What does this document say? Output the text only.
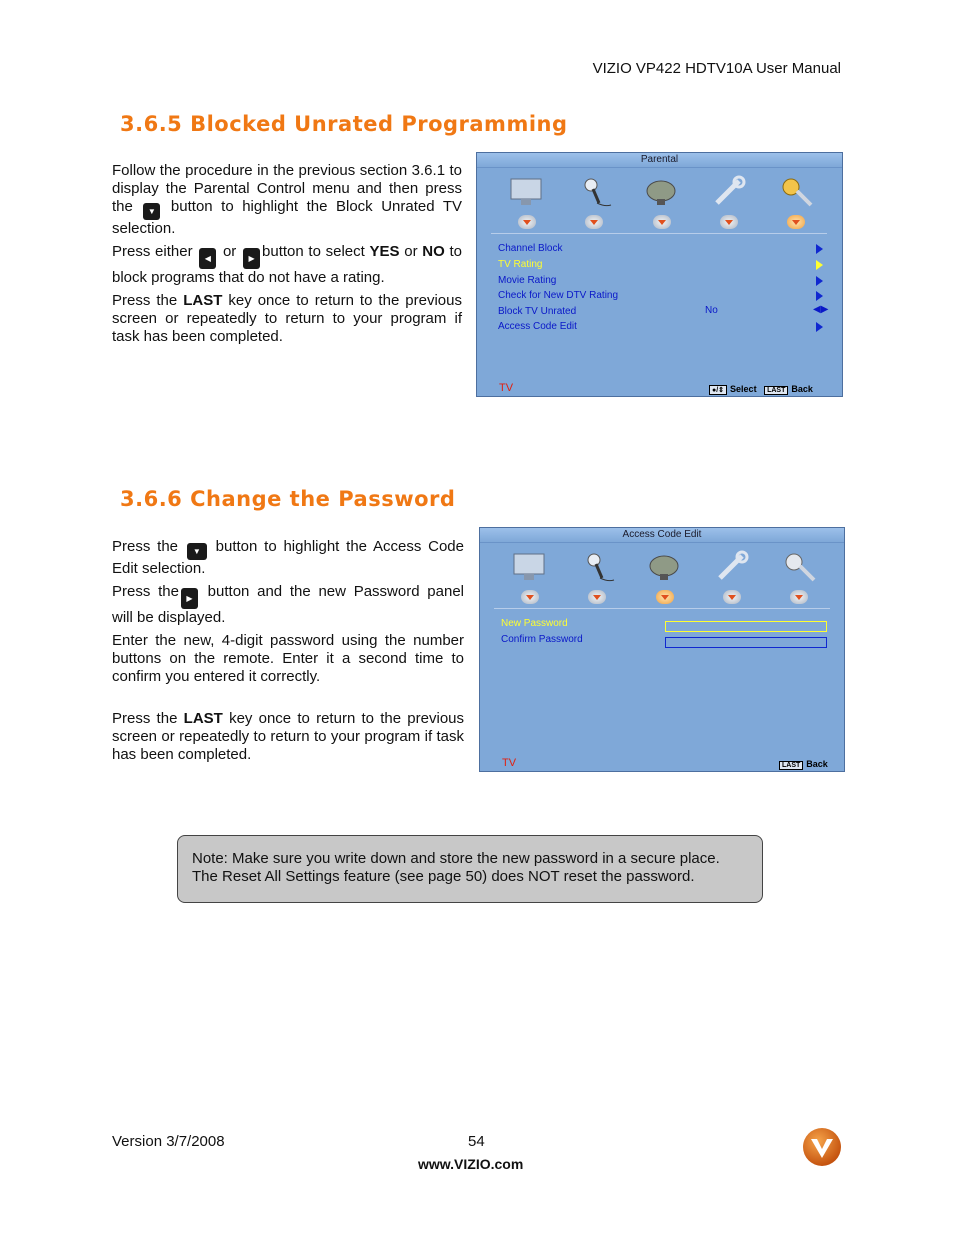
VIZIO VP422 HDTV10A User Manual
3.6.5 Blocked Unrated Programming

Follow the procedure in the previous section 3.6.1 to display the Parental Control menu and then press the ▼ button to highlight the Block Unrated TV selection.

Press either ◀ or ▶ button to select YES or NO to block programs that do not have a rating.

Press the LAST key once to return to the previous screen or repeatedly to return to your program if task has been completed.

Parental
Channel Block
TV Rating
Movie Rating
Check for New DTV Rating
Block TV Unrated
Access Code Edit
No	◀▶
TV	●/⇕ Select LAST Back
3.6.6 Change the Password

Press the ▼ button to highlight the Access Code Edit selection.

Press the ▶ button and the new Password panel will be displayed.

Enter the new, 4-digit password using the number buttons on the remote. Enter it a second time to confirm you entered it correctly.

Press the LAST key once to return to the previous screen or repeatedly to return to your program if task has been completed.

Access Code Edit
New Password
Confirm Password
TV	LAST Back
Note: Make sure you write down and store the new password in a secure place.
The Reset All Settings feature (see page 50) does NOT reset the password.
Version 3/7/2008	54
www.VIZIO.com
